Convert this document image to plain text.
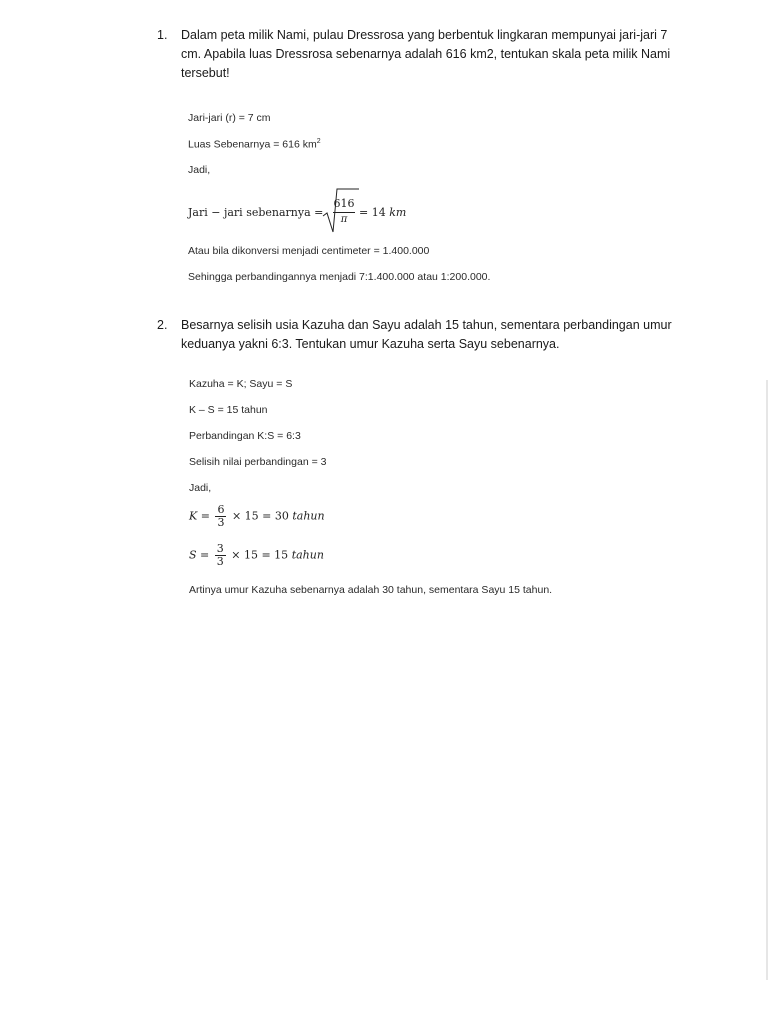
1. Dalam peta milik Nami, pulau Dressrosa yang berbentuk lingkaran mempunyai jari-jari 7
cm. Apabila luas Dressrosa sebenarnya adalah 616 km2, tentukan skala peta milik Nami
tersebut!
Jari-jari (r) = 7 cm
Luas Sebenarnya = 616 $km^2$
Jadi,
Jari − jari sebenarnya =
616
π
= 14 km
Atau bila dikonversi menjadi centimeter = 1.400.000
Sehingga perbandingannya menjadi 7:1.400.000 atau 1:200.000.
2. Besarnya selisih usia Kazuha dan Sayu adalah 15 tahun, sementara perbandingan umur
keduanya yakni 6:3. Tentukan umur Kazuha serta Sayu sebenarnya.
Kazuha = K; Sayu = S
K – S = 15 tahun
Perbandingan K:S = 6:3
Selisih nilai perbandingan = 3
Jadi,
$K = \frac{6}{3} \times 15 = 30$ tahun
$S = \frac{3}{3} \times 15 = 15$ tahun
Artinya umur Kazuha sebenarnya adalah 30 tahun, sementara Sayu 15 tahun.
